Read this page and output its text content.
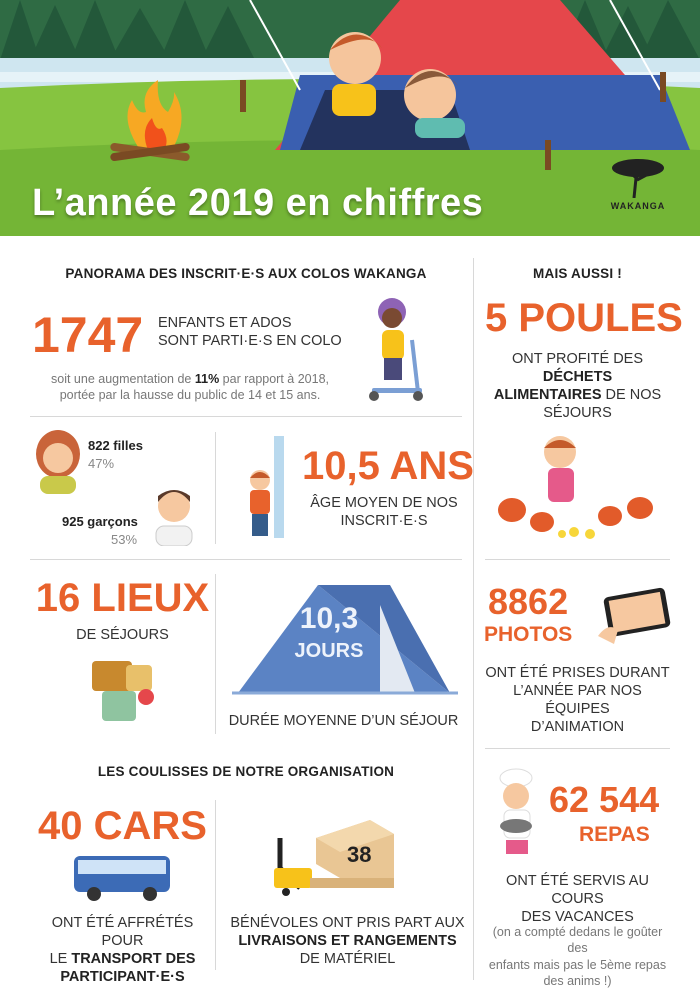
L’année 2019 en chiffres	WAKANGA
PANORAMA DES INSCRIT·E·S AUX COLOS WAKANGA
1747 ENFANTS ET ADOS
SONT PARTI·E·S EN COLO
soit une augmentation de 11% par rapport à 2018,
portée par la hausse du public de 14 et 15 ans.
822 filles
47%
925 garçons
53%
10,5 ANS
ÂGE MOYEN DE NOS
INSCRIT·E·S
16 LIEUX
DE SÉJOURS	10,3
JOURS
DURÉE MOYENNE D’UN SÉJOUR
LES COULISSES DE NOTRE ORGANISATION
40 CARS
ONT ÉTÉ AFFRÉTÉS POUR
LE TRANSPORT DES
PARTICIPANT·E·S
38
BÉNÉVOLES ONT PRIS PART AUX
LIVRAISONS ET RANGEMENTS
DE MATÉRIEL
MAIS AUSSI !
5 POULES
ONT PROFITÉ DES DÉCHETS
ALIMENTAIRES DE NOS
SÉJOURS
8862
PHOTOS
ONT ÉTÉ PRISES DURANT
L’ANNÉE PAR NOS ÉQUIPES
D’ANIMATION
62 544
REPAS
ONT ÉTÉ SERVIS AU COURS
DES VACANCES
(on a compté dedans le goûter des
enfants mais pas le 5ème repas
des anims !)
